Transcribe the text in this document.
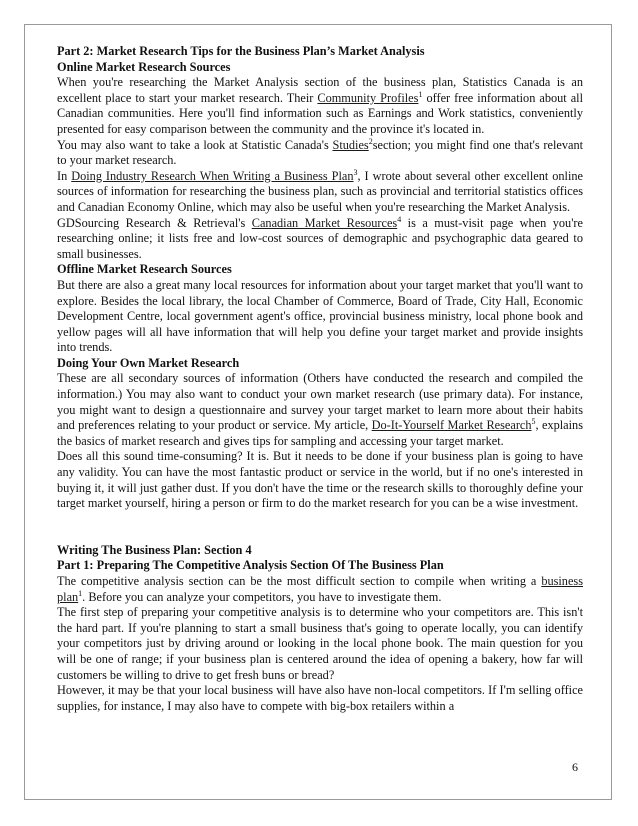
Part 2: Market Research Tips for the Business Plan’s Market Analysis
Online Market Research Sources

When you're researching the Market Analysis section of the business plan, Statistics Canada is an excellent place to start your market research. Their Community Profiles$^1$ offer free information about all Canadian communities. Here you'll find information such as Earnings and Work statistics, conveniently presented for easy comparison between the community and the province it's located in.

You may also want to take a look at Statistic Canada's Studies$^2$section; you might find one that's relevant to your market research.

In Doing Industry Research When Writing a Business Plan$^3$, I wrote about several other excellent online sources of information for researching the business plan, such as provincial and territorial statistics offices and Canadian Economy Online, which may also be useful when you're researching the Market Analysis.

GDSourcing Research & Retrieval's Canadian Market Resources$^4$ is a must-visit page when you're researching online; it lists free and low-cost sources of demographic and psychographic data geared to small businesses.

Offline Market Research Sources

But there are also a great many local resources for information about your target market that you'll want to explore. Besides the local library, the local Chamber of Commerce, Board of Trade, City Hall, Economic Development Centre, local government agent's office, provincial business ministry, local phone book and yellow pages will all have information that will help you define your target market and provide insights into trends.

Doing Your Own Market Research

These are all secondary sources of information (Others have conducted the research and compiled the information.) You may also want to conduct your own market research (use primary data). For instance, you might want to design a questionnaire and survey your target market to learn more about their habits and preferences relating to your product or service. My article, Do-It-Yourself Market Research$^5$, explains the basics of market research and gives tips for sampling and accessing your target market.

Does all this sound time-consuming? It is. But it needs to be done if your business plan is going to have any validity. You can have the most fantastic product or service in the world, but if no one's interested in buying it, it will just gather dust. If you don't have the time or the research skills to thoroughly define your target market yourself, hiring a person or firm to do the market research for you can be a wise investment.

Writing The Business Plan: Section 4
Part 1: Preparing The Competitive Analysis Section Of The Business Plan

The competitive analysis section can be the most difficult section to compile when writing a business plan$^1$. Before you can analyze your competitors, you have to investigate them.

The first step of preparing your competitive analysis is to determine who your competitors are. This isn't the hard part. If you're planning to start a small business that's going to operate locally, you can identify your competitors just by driving around or looking in the local phone book. The main question for you will be one of range; if your business plan is centered around the idea of opening a bakery, how far will customers be willing to drive to get fresh buns or bread?

However, it may be that your local business will have also have non-local competitors. If I'm selling office supplies, for instance, I may also have to compete with big-box retailers within a

6
